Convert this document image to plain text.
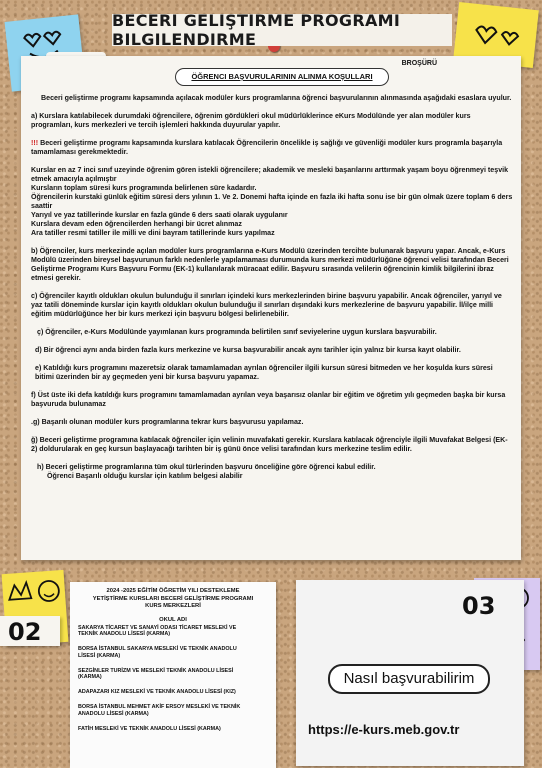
BECERI GELIŞTIRME PROGRAMI BILGILENDIRME
BROŞÜRÜ
ÖĞRENCI BAŞVURULARININ ALINMA KOŞULLARI

Beceri geliştirme programı kapsamında açılacak modüler kurs programlarına öğrenci başvurularının alınmasında aşağıdaki esaslara uyulur.

a) Kurslara katılabilecek durumdaki öğrencilere, öğrenim gördükleri okul müdürlüklerince eKurs Modülünde yer alan modüler kurs programları, kurs merkezleri ve tercih işlemleri hakkında duyurular yapılır.

!!! Beceri geliştirme programı kapsamında kurslara katılacak Öğrencilerin öncelikle iş sağlığı ve güvenliği modüler kurs programla başarıyla tamamlaması gerekmektedir.

Kurslar en az 7 inci sınıf uzeyinde öğrenim gören istekli öğrencilere; akademik ve mesleki başarılarını arttırmak yaşam boyu öğrenmeyi teşvik etmek amacıyla açılmıştır

Kursların toplam süresi kurs programında belirlenen süre kadardır.

Öğrencilerin kurstaki günlük eğitim süresi ders yılının 1. Ve 2. Donemi hafta içinde en fazla iki hafta sonu ise bir gün olmak üzere toplam 6 ders saattir

Yarıyıl ve yaz tatillerinde kurslar en fazla günde 6 ders saati olarak uygulanır

Kurslara devam eden öğrencilerden herhangi bir ücret alınmaz

Ara tatiller resmi tatiller ile milli ve dini bayram tatillerinde kurs yapılmaz

b) Öğrenciler, kurs merkezinde açılan modüler kurs programlarına e-Kurs Modülü üzerinden tercihte bulunarak başvuru yapar. Ancak, e-Kurs Modülü üzerinden bireysel başvurunun farklı nedenlerle yapılamaması durumunda kurs merkezi müdürlüğüne öğrenci velisi tarafından Beceri Geliştirme Programı Kurs Başvuru Formu (EK-1) kullanılarak müracaat edilir. Başvuru sırasında velilerin öğrencinin kimlik bilgilerini ibraz etmesi gerekir.

c) Öğrenciler kayıtlı oldukları okulun bulunduğu il sınırları içindeki kurs merkezlerinden birine başvuru yapabilir. Ancak öğrenciler, yarıyıl ve yaz tatili döneminde kurslar için kayıtlı oldukları okulun bulunduğu il sınırları dışındaki kurs merkezlerine de başvuru yapabilir. İl/ilçe milli eğitim müdürlüğünce her bir kurs merkezi için başvuru bölgesi belirlenebilir.

ç) Öğrenciler, e-Kurs Modülünde yayımlanan kurs programında belirtilen sınıf seviyelerine uygun kurslara başvurabilir.

d) Bir öğrenci aynı anda birden fazla kurs merkezine ve kursa başvurabilir ancak aynı tarihler için yalnız bir kursa kayıt olabilir.

e) Katıldığı kurs programını mazeretsiz olarak tamamlamadan ayrılan öğrenciler ilgili kursun süresi bitmeden ve her koşulda kurs süresi bitimi üzerinden bir ay geçmeden yeni bir kursa başvuru yapamaz.

f) Üst üste iki defa katıldığı kurs programını tamamlamadan ayrılan veya başarısız olanlar bir eğitim ve öğretim yılı geçmeden başka bir kursa başvuruda bulunamaz

.g) Başarılı olunan modüler kurs programlarına tekrar kurs başvurusu yapılamaz.

ğ) Beceri geliştirme programına katılacak öğrenciler için velinin muvafakati gerekir. Kurslara katılacak öğrenciyle ilgili Muvafakat Belgesi (EK-2) doldurularak en geç kursun başlayacağı tarihten bir iş günü önce velisi tarafından kurs merkezine teslim edilir.

h) Beceri geliştirme programlarına tüm okul türlerinden başvuru önceliğine göre öğrenci kabul edilir.

Öğrenci Başarılı olduğu kurslar için katılım belgesi alabilir

02
2024 -2025 EĞİTİM ÖĞRETİM YILI DESTEKLEME YETİŞTİRME KURSLARI BECERİ GELİŞTİRME PROGRAMI KURS MERKEZLERİ
OKUL ADI
SAKARYA TİCARET VE SANAYİ ODASI TİCARET MESLEKİ VE TEKNİK ANADOLU LİSESİ (KARMA)
BORSA İSTANBUL SAKARYA MESLEKİ VE TEKNİK ANADOLU LİSESİ (KARMA)
SEZGİNLER TURİZM VE MESLEKİ TEKNİK ANADOLU LİSESİ (KARMA)
ADAPAZARI KIZ MESLEKİ VE TEKNİK ANADOLU LİSESİ (KIZ)
BORSA İSTANBUL MEHMET AKİF ERSOY MESLEKİ VE TEKNİK ANADOLU LİSESİ (KARMA)
FATİH MESLEKİ VE TEKNİK ANADOLU LİSESİ (KARMA)
03
Nasıl başvurabilirim
https://e-kurs.meb.gov.tr
